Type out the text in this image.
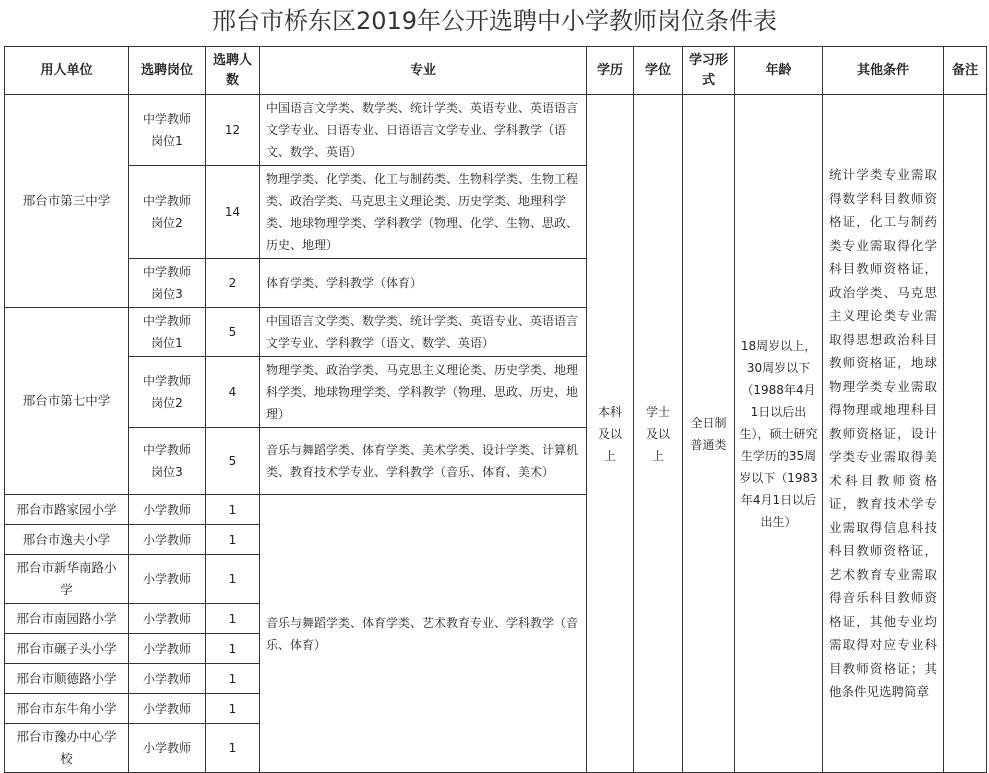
邢台市桥东区2019年公开选聘中小学教师岗位条件表
用人单位	选聘岗位	选聘人数	专业	学历	学位	学习形式	年龄	其他条件	备注
邢台市第三中学	中学教师岗位1	12	中国语言文学类、数学类、统计学类、英语专业、英语语言文学专业、日语专业、日语语言文学专业、学科教学（语文、数学、英语）	本科及以上	学士及以上	全日制普通类	18周岁以上，30周岁以下（1988年4月1日以后出生），硕士研究生学历的35周岁以下（1983年4月1日以后出生）	统计学类专业需取得数学科目教师资格证，化工与制药类专业需取得化学科目教师资格证，政治学类、马克思主义理论类专业需取得思想政治科目教师资格证，地球物理学类专业需取得物理或地理科目教师资格证，设计学类专业需取得美术科目教师资格证，教育技术学专业需取得信息科技科目教师资格证，艺术教育专业需取得音乐科目教师资格证，其他专业均需取得对应专业科目教师资格证；其他条件见选聘简章	
	中学教师岗位2	14	物理学类、化学类、化工与制药类、生物科学类、生物工程类、政治学类、马克思主义理论类、历史学类、地理科学类、地球物理学类、学科教学（物理、化学、生物、思政、历史、地理）						
	中学教师岗位3	2	体育学类、学科教学（体育）						
邢台市第七中学	中学教师岗位1	5	中国语言文学类、数学类、统计学类、英语专业、英语语言文学专业、学科教学（语文、数学、英语）						
	中学教师岗位2	4	物理学类、政治学类、马克思主义理论类、历史学类、地理科学类、地球物理学类、学科教学（物理、思政、历史、地理）						
	中学教师岗位3	5	音乐与舞蹈学类、体育学类、美术学类、设计学类、计算机类、教育技术学专业、学科教学（音乐、体育、美术）						
邢台市路家园小学	小学教师	1	音乐与舞蹈学类、体育学类、艺术教育专业、学科教学（音乐、体育）						
邢台市逸夫小学	小学教师	1							
邢台市新华南路小学	小学教师	1							
邢台市南园路小学	小学教师	1							
邢台市碾子头小学	小学教师	1							
邢台市顺德路小学	小学教师	1							
邢台市东牛角小学	小学教师	1							
邢台市豫办中心学校	小学教师	1							
